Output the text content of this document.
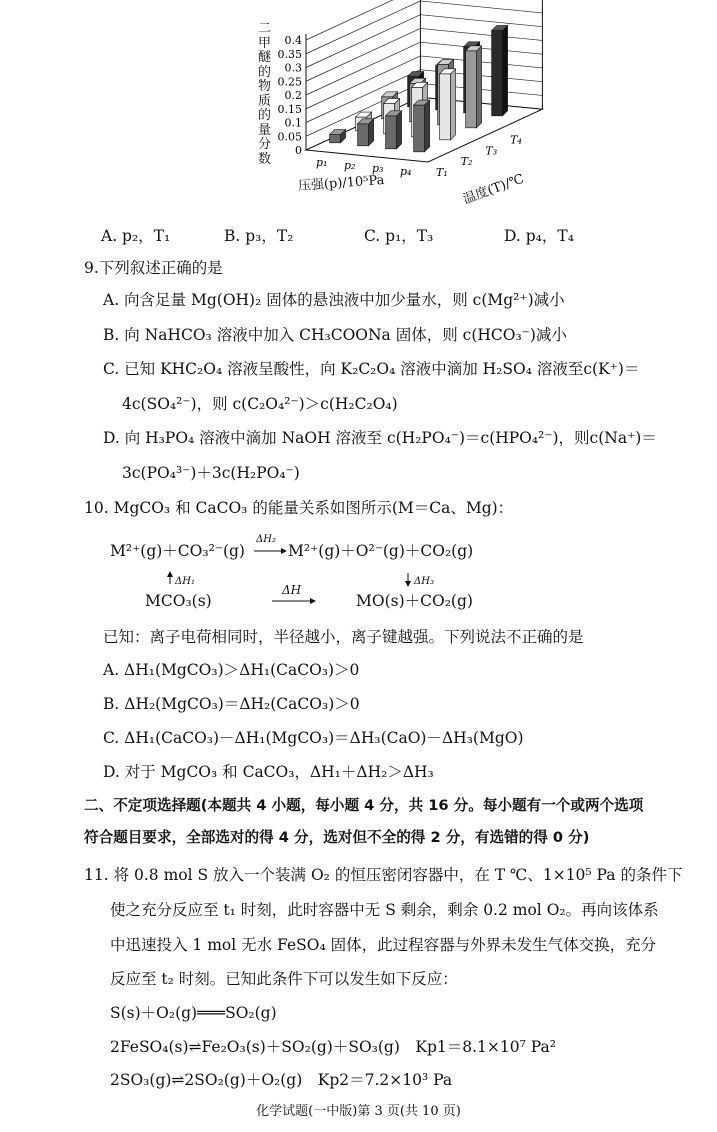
0.4
0.35
0.3
0.25
0.2
0.15
0.1
0.05
0
p₁ p₂ p₃ p₄ T₁
T₂
T₃
T₄
二甲醚的物质的量分数
压强(p)/10⁵Pa	温度(T)/℃
A. p₂，T₁	B. p₃，T₂	C. p₁，T₃	D. p₄，T₄
9.下列叙述正确的是
A. 向含足量 Mg(OH)₂ 固体的悬浊液中加少量水，则 c(Mg²⁺)减小
B. 向 NaHCO₃ 溶液中加入 CH₃COONa 固体，则 c(HCO₃⁻)减小
C. 已知 KHC₂O₄ 溶液呈酸性，向 K₂C₂O₄ 溶液中滴加 H₂SO₄ 溶液至c(K⁺)＝
4c(SO₄²⁻)，则 c(C₂O₄²⁻)＞c(H₂C₂O₄)
D. 向 H₃PO₄ 溶液中滴加 NaOH 溶液至 c(H₂PO₄⁻)＝c(HPO₄²⁻)，则c(Na⁺)＝
3c(PO₄³⁻)＋3c(H₂PO₄⁻)
10. MgCO₃ 和 CaCO₃ 的能量关系如图所示(M＝Ca、Mg)：
M²⁺(g)＋CO₃²⁻(g)	M²⁺(g)＋O²⁻(g)＋CO₂(g)
ΔH₂
ΔH₁	ΔH₃
ΔH
MCO₃(s)	MO(s)＋CO₂(g)
已知：离子电荷相同时，半径越小，离子键越强。下列说法不正确的是
A. ΔH₁(MgCO₃)＞ΔH₁(CaCO₃)＞0
B. ΔH₂(MgCO₃)＝ΔH₂(CaCO₃)＞0
C. ΔH₁(CaCO₃)－ΔH₁(MgCO₃)＝ΔH₃(CaO)－ΔH₃(MgO)
D. 对于 MgCO₃ 和 CaCO₃，ΔH₁＋ΔH₂＞ΔH₃
二、不定项选择题(本题共 4 小题，每小题 4 分，共 16 分。每小题有一个或两个选项
符合题目要求，全部选对的得 4 分，选对但不全的得 2 分，有选错的得 0 分)
11. 将 0.8 mol S 放入一个装满 O₂ 的恒压密闭容器中，在 T ℃、1×10⁵ Pa 的条件下
使之充分反应至 t₁ 时刻，此时容器中无 S 剩余，剩余 0.2 mol O₂。再向该体系
中迅速投入 1 mol 无水 FeSO₄ 固体，此过程容器与外界未发生气体交换，充分
反应至 t₂ 时刻。已知此条件下可以发生如下反应：
S(s)＋O₂(g)═══SO₂(g)
2FeSO₄(s)⇌Fe₂O₃(s)＋SO₂(g)＋SO₃(g)　Kp1＝8.1×10⁷ Pa²
2SO₃(g)⇌2SO₂(g)＋O₂(g)　Kp2＝7.2×10³ Pa
化学试题(一中版)第 3 页(共 10 页)
